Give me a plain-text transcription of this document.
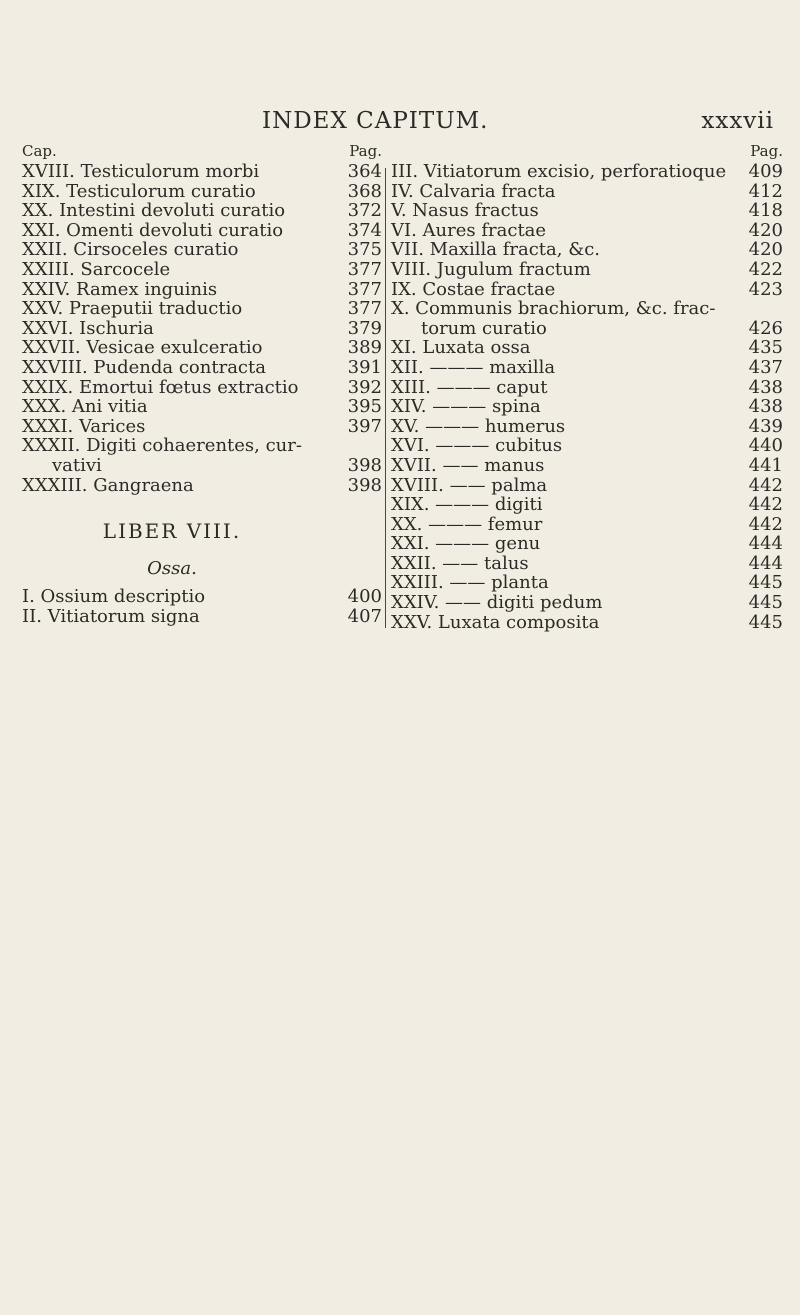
INDEX CAPITUM.	xxxvii
Cap.	Pag.
XVIII. Testiculorum morbi	364
XIX. Testiculorum curatio	368
XX. Intestini devoluti curatio	372
XXI. Omenti devoluti curatio	374
XXII. Cirsoceles curatio	375
XXIII. Sarcocele	377
XXIV. Ramex inguinis	377
XXV. Praeputii traductio	377
XXVI. Ischuria	379
XXVII. Vesicae exulceratio	389
XXVIII. Pudenda contracta	391
XXIX. Emortui fœtus extractio	392
XXX. Ani vitia	395
XXXI. Varices	397
XXXII. Digiti cohaerentes, cur-
vativi	398
XXXIII. Gangraena	398
LIBER VIII.
Ossa.
I. Ossium descriptio	400
II. Vitiatorum signa	407
Pag.
III. Vitiatorum excisio, perforatioque 409
IV. Calvaria fracta	412
V. Nasus fractus	418
VI. Aures fractae	420
VII. Maxilla fracta, &c.	420
VIII. Jugulum fractum	422
IX. Costae fractae	423
X. Communis brachiorum, &c. frac-
torum curatio	426
XI. Luxata ossa	435
XII. ——— maxilla	437
XIII. ——— caput	438
XIV. ——— spina	438
XV. ——— humerus	439
XVI. ——— cubitus	440
XVII. —— manus	441
XVIII. —— palma	442
XIX. ——— digiti	442
XX. ——— femur	442
XXI. ——— genu	444
XXII. —— talus	444
XXIII. —— planta	445
XXIV. —— digiti pedum	445
XXV. Luxata composita	445
